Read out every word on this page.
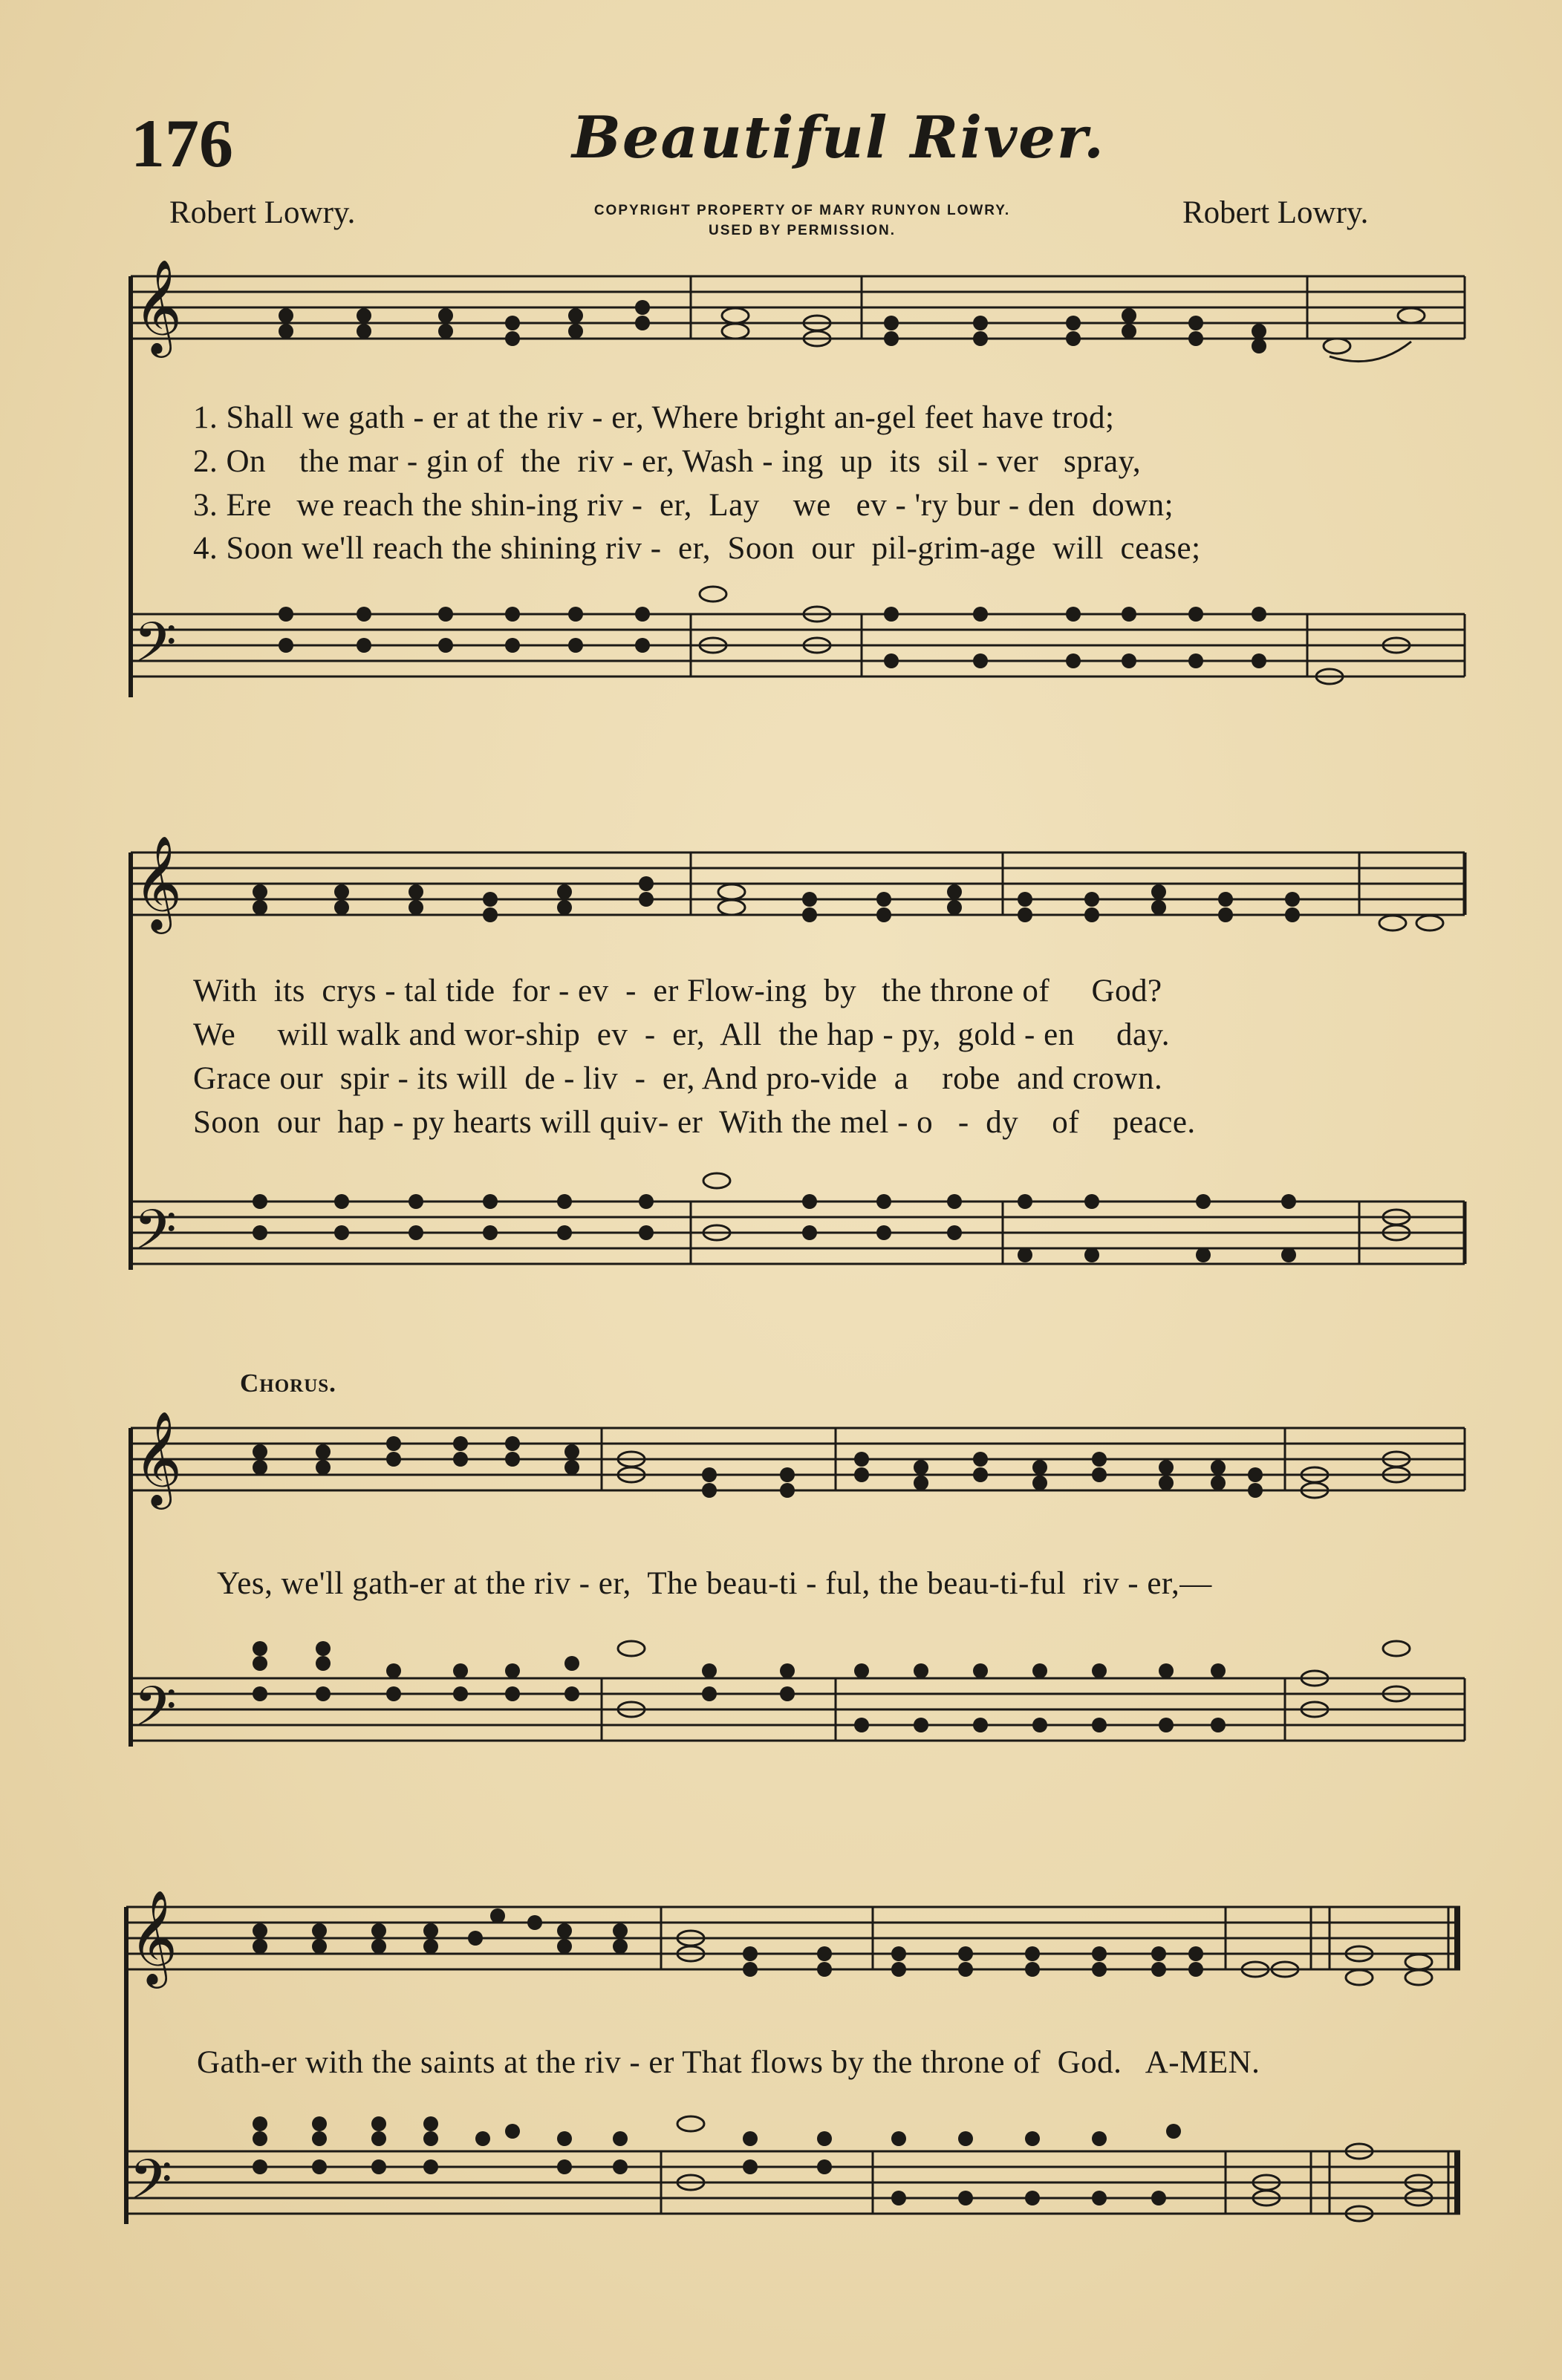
176	Beautiful River.
Robert Lowry.	Robert Lowry.
COPYRIGHT PROPERTY OF MARY RUNYON LOWRY.
USED BY PERMISSION.
𝄞
𝄢
1. Shall we gath - er at the riv - er, Where bright an-gel feet have trod;
2. On    the mar - gin of  the  riv - er, Wash - ing  up  its  sil - ver   spray,
3. Ere   we reach the shin-ing riv -  er,  Lay    we   ev - 'ry bur - den  down;
4. Soon we'll reach the shining riv -  er,  Soon  our  pil-grim-age  will  cease;
𝄞
𝄢
With  its  crys - tal tide  for - ev  -  er Flow-ing  by   the throne of     God?
We     will walk and wor-ship  ev  -  er,  All  the hap - py,  gold - en     day.
Grace our  spir - its will  de - liv  -  er, And pro-vide  a    robe  and crown.
Soon  our  hap - py hearts will quiv- er  With the mel - o   -  dy    of    peace.
Chorus.
𝄞
𝄢
Yes, we'll gath-er at the riv - er,  The beau-ti - ful, the beau-ti-ful  riv - er,—
𝄞
𝄢
Gath-er with the saints at the riv - er That flows by the throne of  God.   A-MEN.
